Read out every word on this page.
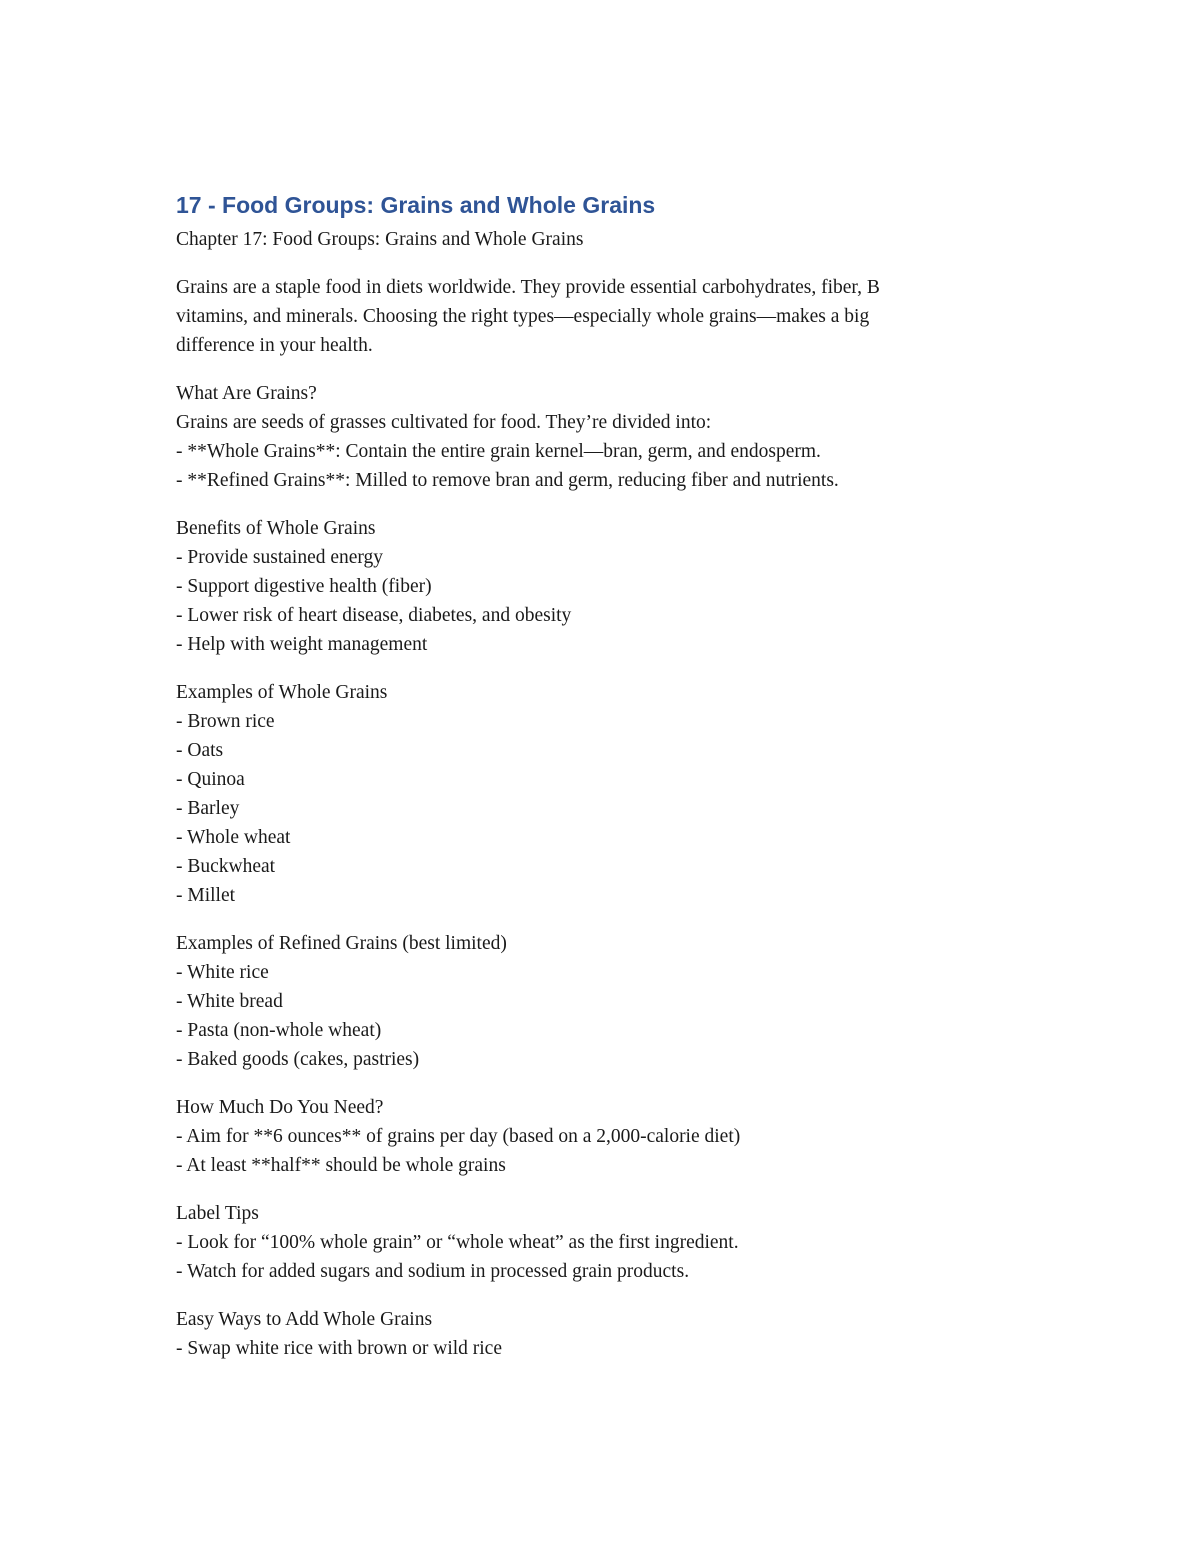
17 - Food Groups: Grains and Whole Grains

Chapter 17: Food Groups: Grains and Whole Grains

Grains are a staple food in diets worldwide. They provide essential carbohydrates, fiber, B

vitamins, and minerals. Choosing the right types—especially whole grains—makes a big

difference in your health.

What Are Grains?

Grains are seeds of grasses cultivated for food. They’re divided into:

- **Whole Grains**: Contain the entire grain kernel—bran, germ, and endosperm.

- **Refined Grains**: Milled to remove bran and germ, reducing fiber and nutrients.

Benefits of Whole Grains

- Provide sustained energy

- Support digestive health (fiber)

- Lower risk of heart disease, diabetes, and obesity

- Help with weight management

Examples of Whole Grains

- Brown rice

- Oats

- Quinoa

- Barley

- Whole wheat

- Buckwheat

- Millet

Examples of Refined Grains (best limited)

- White rice

- White bread

- Pasta (non-whole wheat)

- Baked goods (cakes, pastries)

How Much Do You Need?

- Aim for **6 ounces** of grains per day (based on a 2,000-calorie diet)

- At least **half** should be whole grains

Label Tips

- Look for “100% whole grain” or “whole wheat” as the first ingredient.

- Watch for added sugars and sodium in processed grain products.

Easy Ways to Add Whole Grains

- Swap white rice with brown or wild rice
